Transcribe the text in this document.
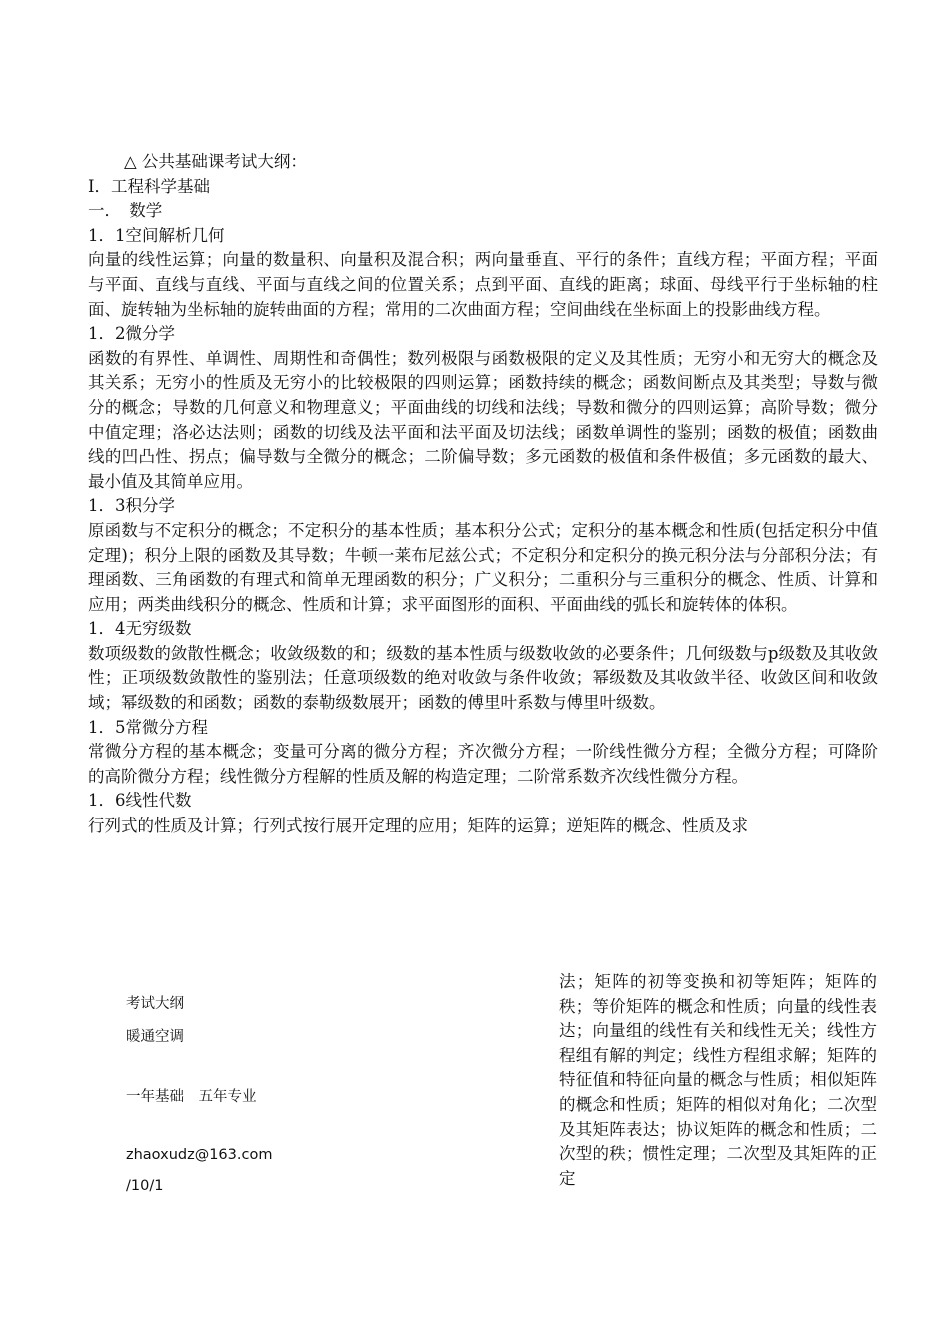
△ 公共基础课考试大纲：

I．工程科学基础

一．　数学

1．1空间解析几何

向量的线性运算；向量的数量积、向量积及混合积；两向量垂直、平行的条件；直线方程；平面方程；平面与平面、直线与直线、平面与直线之间的位置关系；点到平面、直线的距离；球面、母线平行于坐标轴的柱面、旋转轴为坐标轴的旋转曲面的方程；常用的二次曲面方程；空间曲线在坐标面上的投影曲线方程。

1．2微分学

函数的有界性、单调性、周期性和奇偶性；数列极限与函数极限的定义及其性质；无穷小和无穷大的概念及其关系；无穷小的性质及无穷小的比较极限的四则运算；函数持续的概念；函数间断点及其类型；导数与微分的概念；导数的几何意义和物理意义；平面曲线的切线和法线；导数和微分的四则运算；高阶导数；微分中值定理；洛必达法则；函数的切线及法平面和法平面及切法线；函数单调性的鉴别；函数的极值；函数曲线的凹凸性、拐点；偏导数与全微分的概念；二阶偏导数；多元函数的极值和条件极值；多元函数的最大、最小值及其简单应用。

1．3积分学

原函数与不定积分的概念；不定积分的基本性质；基本积分公式；定积分的基本概念和性质(包括定积分中值定理)；积分上限的函数及其导数；牛顿一莱布尼兹公式；不定积分和定积分的换元积分法与分部积分法；有理函数、三角函数的有理式和简单无理函数的积分；广义积分；二重积分与三重积分的概念、性质、计算和应用；两类曲线积分的概念、性质和计算；求平面图形的面积、平面曲线的弧长和旋转体的体积。

1．4无穷级数

数项级数的敛散性概念；收敛级数的和；级数的基本性质与级数收敛的必要条件；几何级数与p级数及其收敛性；正项级数敛散性的鉴别法；任意项级数的绝对收敛与条件收敛；幂级数及其收敛半径、收敛区间和收敛域；幂级数的和函数；函数的泰勒级数展开；函数的傅里叶系数与傅里叶级数。

1．5常微分方程

常微分方程的基本概念；变量可分离的微分方程；齐次微分方程；一阶线性微分方程；全微分方程；可降阶的高阶微分方程；线性微分方程解的性质及解的构造定理；二阶常系数齐次线性微分方程。

1．6线性代数

行列式的性质及计算；行列式按行展开定理的应用；矩阵的运算；逆矩阵的概念、性质及求

考试大纲
暖通空调
一年基础　五年专业
zhaoxudz@163.com
/10/1

法；矩阵的初等变换和初等矩阵；矩阵的秩；等价矩阵的概念和性质；向量的线性表达；向量组的线性有关和线性无关；线性方程组有解的判定；线性方程组求解；矩阵的特征值和特征向量的概念与性质；相似矩阵的概念和性质；矩阵的相似对角化；二次型及其矩阵表达；协议矩阵的概念和性质；二次型的秩；惯性定理；二次型及其矩阵的正定
